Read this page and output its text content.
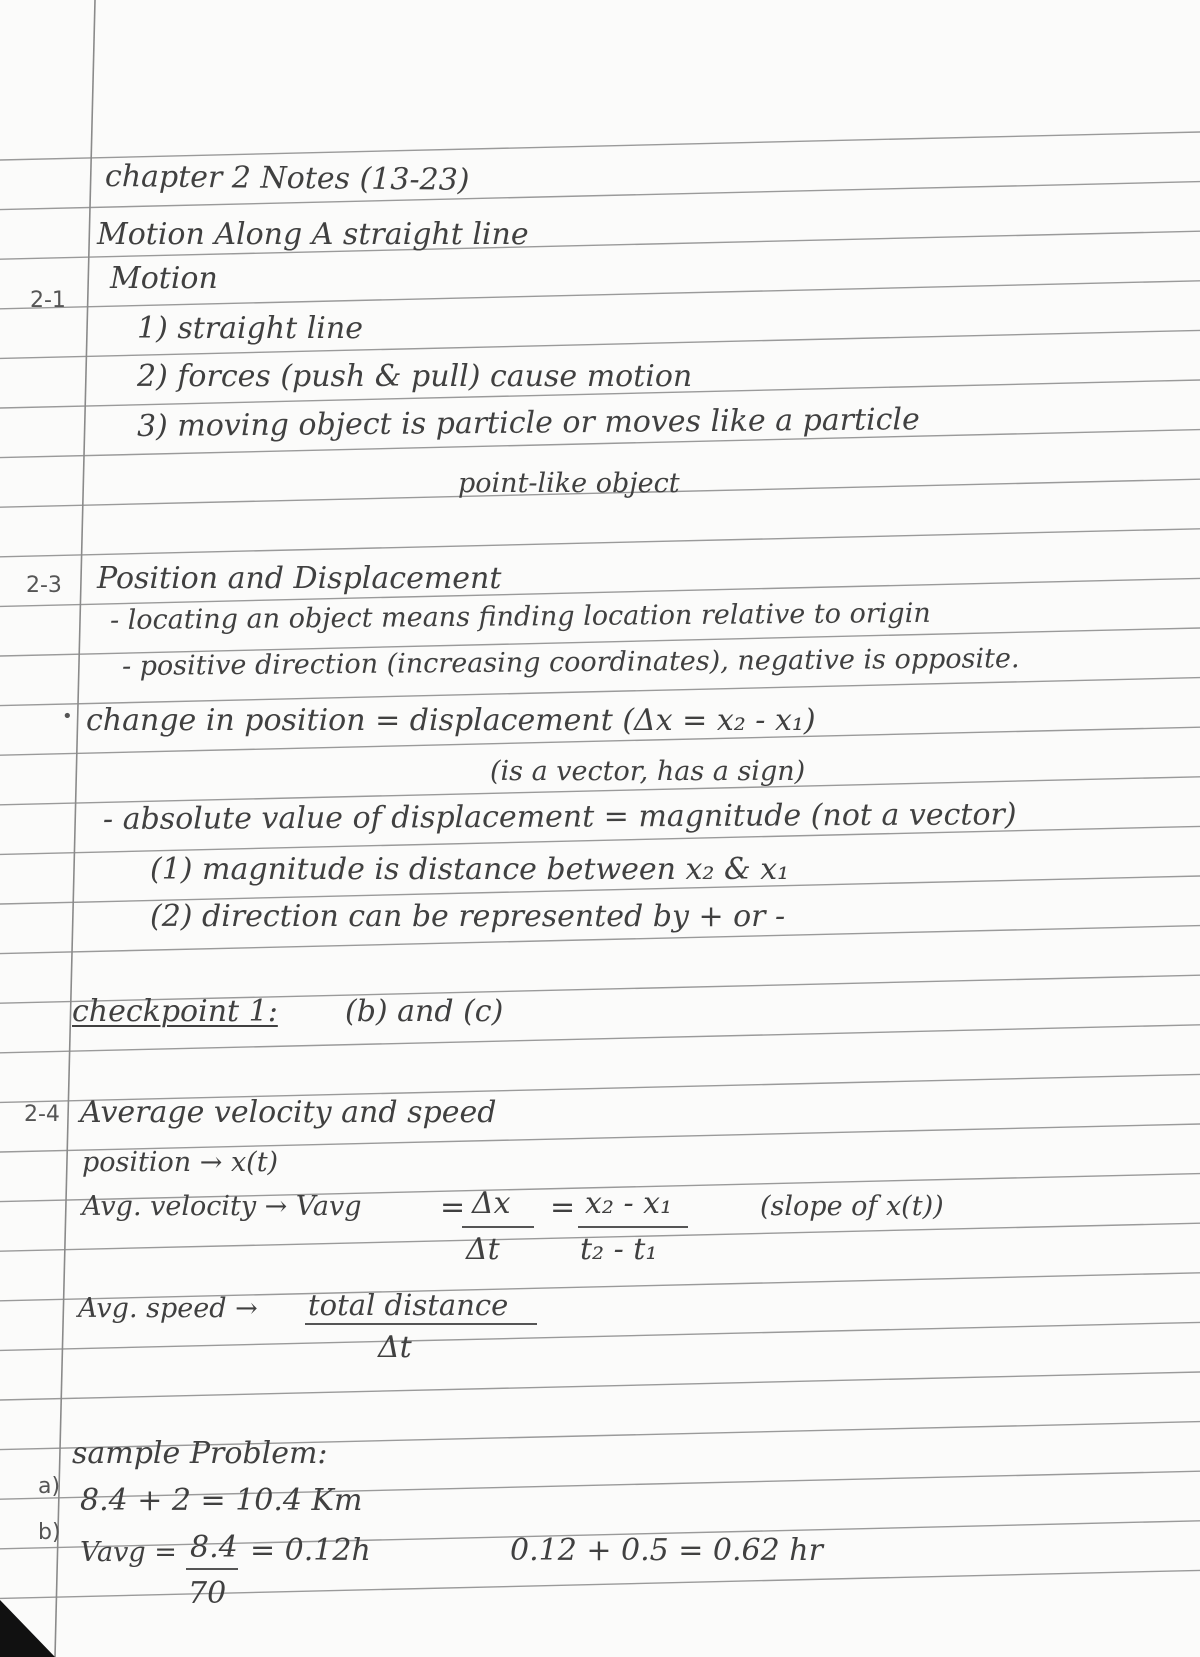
chapter 2 Notes (13-23)
Motion Along A straight line
2-1
Motion
1) straight line
2) forces (push & pull) cause motion
3) moving object is particle or moves like a particle
point-like object
2-3 Position and Displacement
- locating an object means finding location relative to origin
- positive direction (increasing coordinates), negative is opposite.
• change in position = displacement (Δx = x₂ - x₁)
(is a vector, has a sign)
- absolute value of displacement = magnitude (not a vector)
(1) magnitude is distance between x₂ & x₁
(2) direction can be represented by + or -
checkpoint 1: (b) and (c)
2-4 Average velocity and speed
position → x(t)
Avg. velocity → Vavg	= Δx
Δt
= x₂ - x₁
t₂ - t₁
(slope of x(t))
Avg. speed → total distance
Δt
sample Problem:
a) 8.4 + 2 = 10.4 Km
b)
Vavg = 8.4
70
= 0.12h	0.12 + 0.5 = 0.62 hr
